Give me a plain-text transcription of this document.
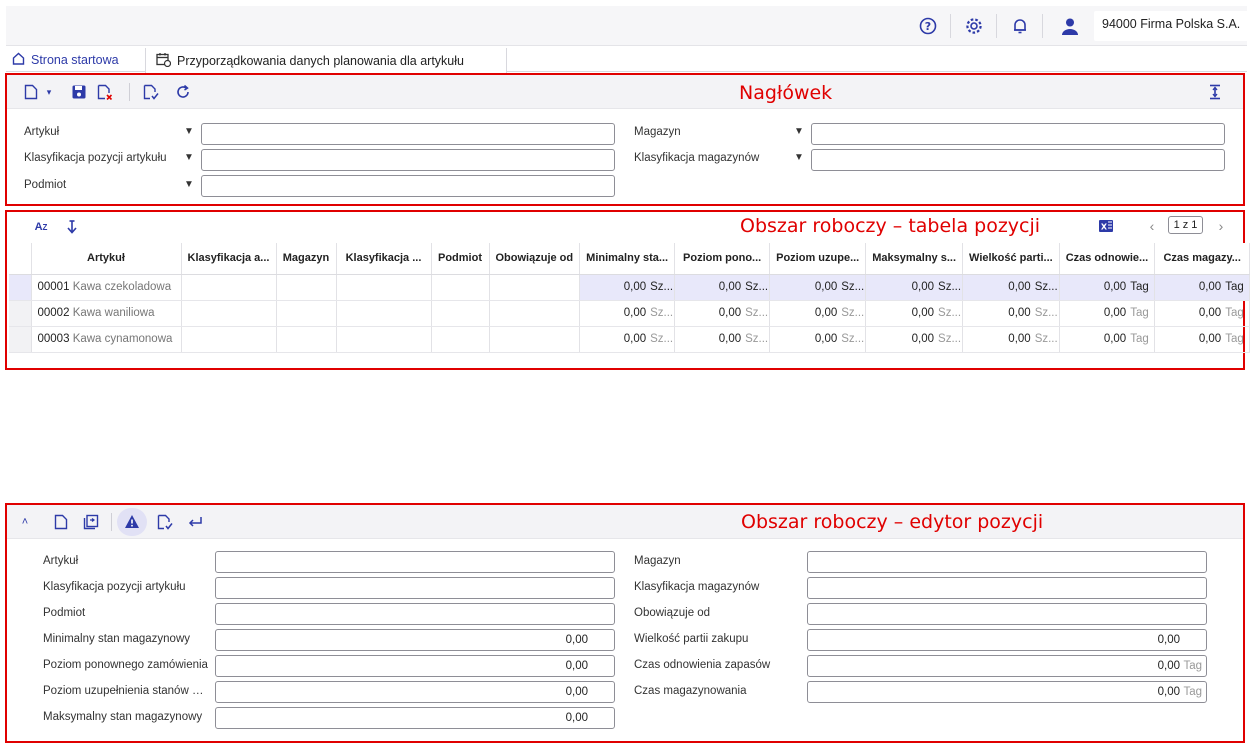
?	94000 Firma Polska S.A.
Strona startowa	Przyporządkowania danych planowania dla artykułu
▾	Nagłówek
Artykuł	▼
Klasyfikacja pozycji artykułu	▼
Podmiot	▼
Magazyn	▼
Klasyfikacja magazynów	▼
A Z	Obszar roboczy – tabela pozycji	X	‹	1 z 1	›
	Artykuł	Klasyfikacja a...	Magazyn	Klasyfikacja ...	Podmiot	Obowiązuje od	Minimalny sta...	Poziom pono...	Poziom uzupe...	Maksymalny s...	Wielkość parti...	Czas odnowie...	Czas magazy...
	00001 Kawa czekoladowa						0,00 Sz...	0,00 Sz...	0,00 Sz...	0,00 Sz...	0,00 Sz...	0,00 Tag	0,00 Tag
	00002 Kawa waniliowa						0,00 Sz...	0,00 Sz...	0,00 Sz...	0,00 Sz...	0,00 Sz...	0,00 Tag	0,00 Tag
	00003 Kawa cynamonowa						0,00 Sz...	0,00 Sz...	0,00 Sz...	0,00 Sz...	0,00 Sz...	0,00 Tag	0,00 Tag
˄	Obszar roboczy – edytor pozycji
Artykuł
Klasyfikacja pozycji artykułu
Podmiot
Minimalny stan magazynowy	0,00
Poziom ponownego zamówienia	0,00
Poziom uzupełnienia stanów m...	0,00
Maksymalny stan magazynowy	0,00
Magazyn
Klasyfikacja magazynów
Obowiązuje od
Wielkość partii zakupu	0,00
Czas odnowienia zapasów	0,00 Tag
Czas magazynowania	0,00 Tag
